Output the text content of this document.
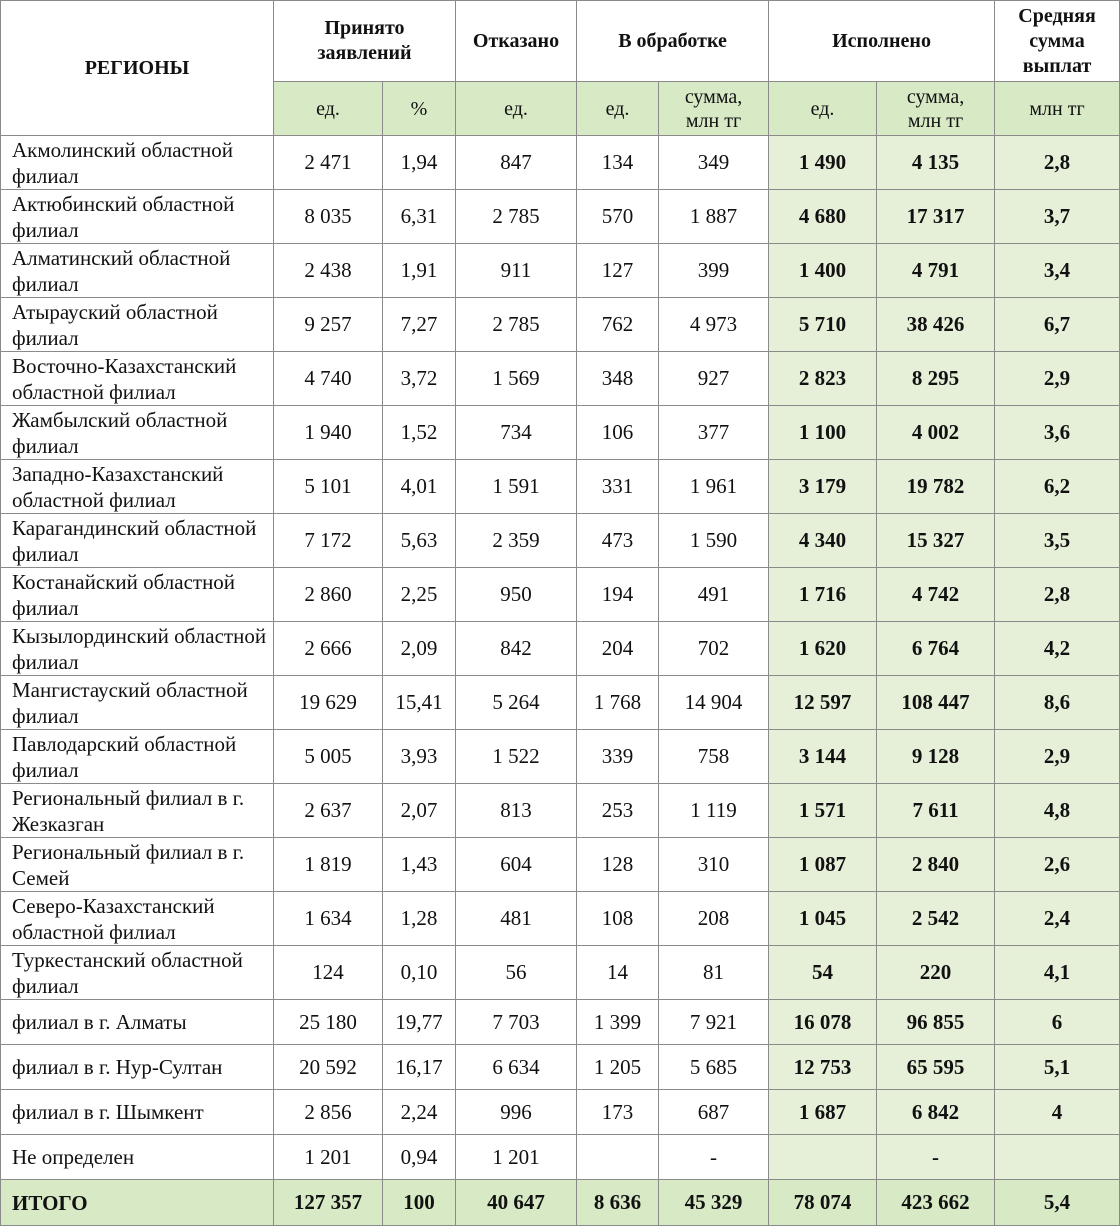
РЕГИОНЫ	Принято заявлений		Отказано	В обработке		Исполнено		Средняя сумма выплат
	ед.	%	ед.	ед.	сумма, млн тг	ед.	сумма, млн тг	млн тг
Акмолинский областной филиал	2 471	1,94	847	134	349	1 490	4 135	2,8
Актюбинский областной филиал	8 035	6,31	2 785	570	1 887	4 680	17 317	3,7
Алматинский областной филиал	2 438	1,91	911	127	399	1 400	4 791	3,4
Атырауский областной филиал	9 257	7,27	2 785	762	4 973	5 710	38 426	6,7
Восточно-Казахстанский областной филиал	4 740	3,72	1 569	348	927	2 823	8 295	2,9
Жамбылский областной филиал	1 940	1,52	734	106	377	1 100	4 002	3,6
Западно-Казахстанский областной филиал	5 101	4,01	1 591	331	1 961	3 179	19 782	6,2
Карагандинский областной филиал	7 172	5,63	2 359	473	1 590	4 340	15 327	3,5
Костанайский областной филиал	2 860	2,25	950	194	491	1 716	4 742	2,8
Кызылординский областной филиал	2 666	2,09	842	204	702	1 620	6 764	4,2
Мангистауский областной филиал	19 629	15,41	5 264	1 768	14 904	12 597	108 447	8,6
Павлодарский областной филиал	5 005	3,93	1 522	339	758	3 144	9 128	2,9
Региональный филиал в г. Жезказган	2 637	2,07	813	253	1 119	1 571	7 611	4,8
Региональный филиал в г. Семей	1 819	1,43	604	128	310	1 087	2 840	2,6
Северо-Казахстанский областной филиал	1 634	1,28	481	108	208	1 045	2 542	2,4
Туркестанский областной филиал	124	0,10	56	14	81	54	220	4,1
филиал в г. Алматы	25 180	19,77	7 703	1 399	7 921	16 078	96 855	6
филиал в г. Нур-Султан	20 592	16,17	6 634	1 205	5 685	12 753	65 595	5,1
филиал в г. Шымкент	2 856	2,24	996	173	687	1 687	6 842	4
Не определен	1 201	0,94	1 201		-		-	
ИТОГО	127 357	100	40 647	8 636	45 329	78 074	423 662	5,4
